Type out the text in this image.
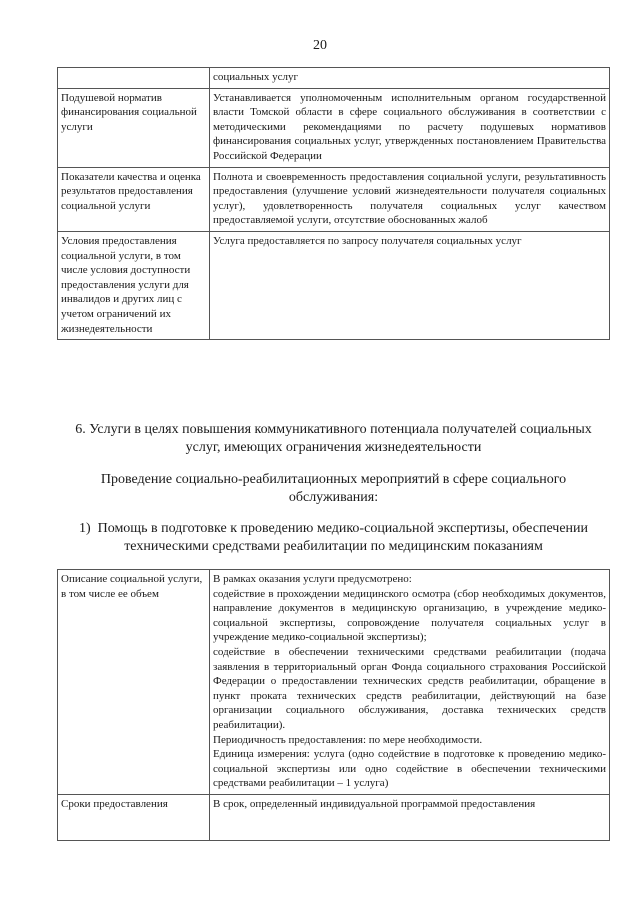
20

	социальных услуг

Подушевой норматив финансирования социальной услуги	Устанавливается уполномоченным исполнительным органом государственной власти Томской области в сфере социального обслуживания в соответствии с методическими рекомендациями по расчету подушевых нормативов финансирования социальных услуг, утвержденных постановлением Правительства Российской Федерации

Показатели качества и оценка результатов предоставления социальной услуги	Полнота и своевременность предоставления социальной услуги, результативность предоставления (улучшение условий жизнедеятельности получателя социальных услуг), удовлетворенность получателя социальных услуг качеством предоставляемой услуги, отсутствие обоснованных жалоб

Условия предоставления социальной услуги, в том числе условия доступности предоставления услуги для инвалидов и других лиц с учетом ограничений их жизнедеятельности	Услуга предоставляется по запросу получателя социальных услуг
6. Услуги в целях повышения коммуникативного потенциала получателей социальных услуг, имеющих ограничения жизнедеятельности
Проведение социально-реабилитационных мероприятий в сфере социального обслуживания:
1)  Помощь в подготовке к проведению медико-социальной экспертизы, обеспечении техническими средствами реабилитации по медицинским показаниям
Описание социальной услуги, в том числе ее объем	В рамках оказания услуги предусмотрено:
содействие в прохождении медицинского осмотра (сбор необходимых документов, направление документов в медицинскую организацию, в учреждение медико-социальной экспертизы, сопровождение получателя социальных услуг в учреждение медико-социальной экспертизы);
содействие в обеспечении техническими средствами реабилитации (подача заявления в территориальный орган Фонда социального страхования Российской Федерации о предоставлении технических средств реабилитации, обращение в пункт проката технических средств реабилитации, действующий на базе организации социального обслуживания, доставка технических средств реабилитации).
Периодичность предоставления: по мере необходимости.
Единица измерения: услуга (одно содействие в подготовке к проведению медико-социальной экспертизы или одно содействие в обеспечении техническими средствами реабилитации – 1 услуга)

Сроки предоставления	В срок, определенный индивидуальной программой предоставления
